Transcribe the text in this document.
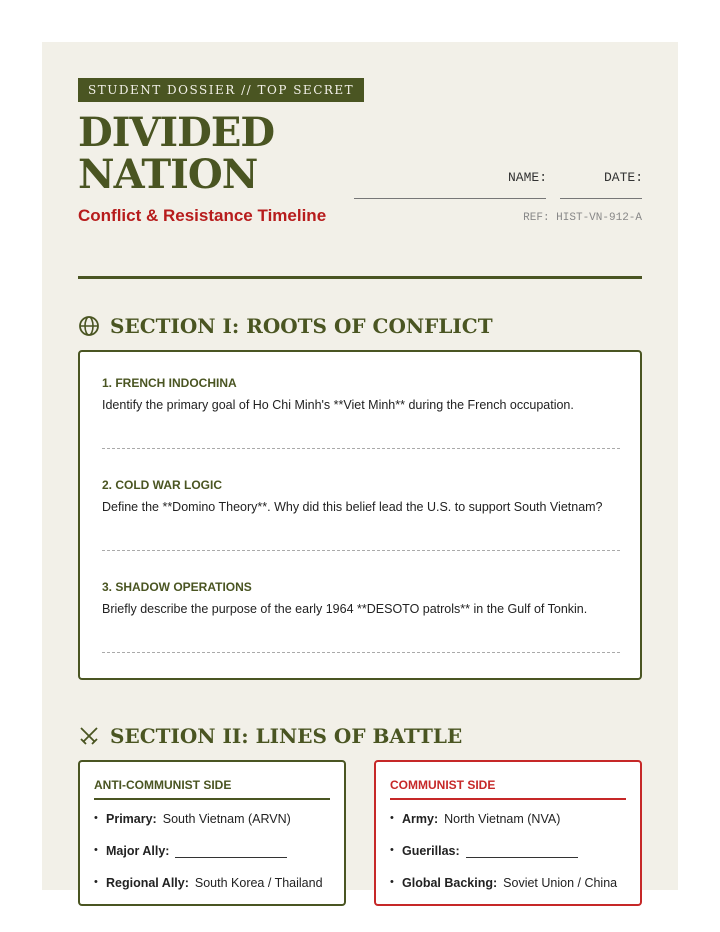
STUDENT DOSSIER // TOP SECRET
DIVIDED
NATION
Conflict & Resistance Timeline
NAME:	DATE:
REF: HIST-VN-912-A
SECTION I: ROOTS OF CONFLICT
1. FRENCH INDOCHINA
Identify the primary goal of Ho Chi Minh's **Viet Minh** during the French occupation.
2. COLD WAR LOGIC
Define the **Domino Theory**. Why did this belief lead the U.S. to support South Vietnam?
3. SHADOW OPERATIONS
Briefly describe the purpose of the early 1964 **DESOTO patrols** in the Gulf of Tonkin.
SECTION II: LINES OF BATTLE
ANTI-COMMUNIST SIDE
• Primary: South Vietnam (ARVN)
• Major Ally:
• Regional Ally: South Korea / Thailand
COMMUNIST SIDE
• Army: North Vietnam (NVA)
• Guerillas:
• Global Backing: Soviet Union / China
